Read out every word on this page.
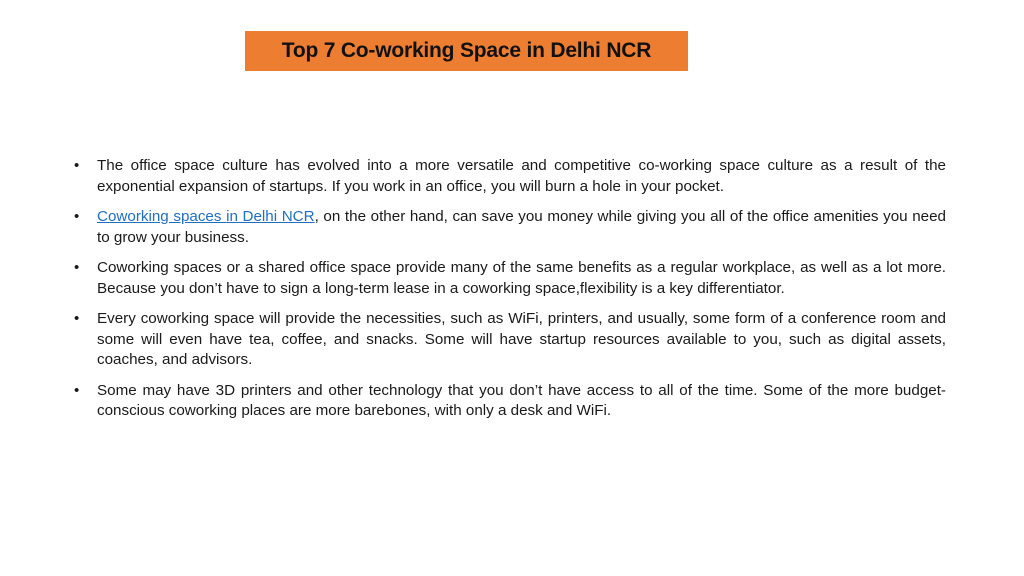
Top 7 Co-working Space in Delhi NCR
• The office space culture has evolved into a more versatile and competitive co-working space culture as a result of the exponential expansion of startups. If you work in an office, you will burn a hole in your pocket.
• Coworking spaces in Delhi NCR, on the other hand, can save you money while giving you all of the office amenities you need to grow your business.
• Coworking spaces or a shared office space provide many of the same benefits as a regular workplace, as well as a lot more. Because you don’t have to sign a long-term lease in a coworking space,flexibility is a key differentiator.
• Every coworking space will provide the necessities, such as WiFi, printers, and usually, some form of a conference room and some will even have tea, coffee, and snacks. Some will have startup resources available to you, such as digital assets, coaches, and advisors.
• Some may have 3D printers and other technology that you don’t have access to all of the time. Some of the more budget-conscious coworking places are more barebones, with only a desk and WiFi.
